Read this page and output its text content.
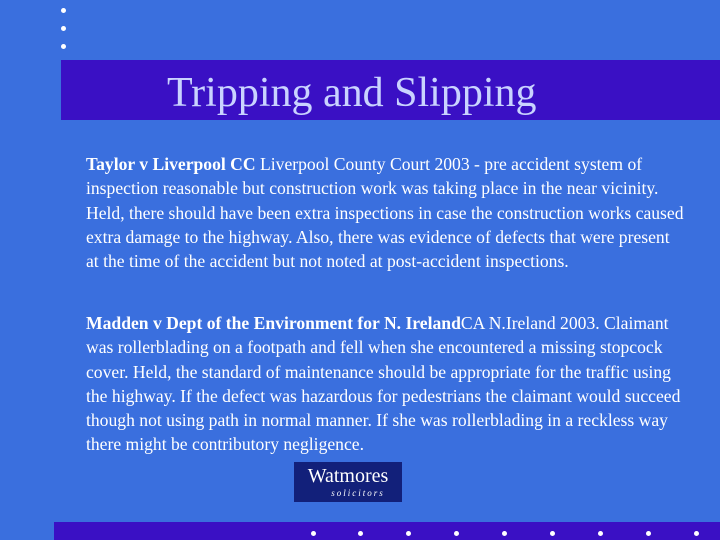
Tripping and Slipping

Taylor v Liverpool CC Liverpool County Court 2003 - pre accident system of inspection reasonable but construction work was taking place in the near vicinity. Held, there should have been extra inspections in case the construction works caused extra damage to the highway. Also, there was evidence of defects that were present at the time of the accident but not noted at post-accident inspections.

Madden v Dept of the Environment for N. IrelandCA N.Ireland 2003. Claimant was rollerblading on a footpath and fell when she encountered a missing stopcock cover. Held, the standard of maintenance should be appropriate for the traffic using the highway. If the defect was hazardous for pedestrians the claimant would succeed though not using path in normal manner. If she was rollerblading in a reckless way there might be contributory negligence.

Watmores
solicitors
